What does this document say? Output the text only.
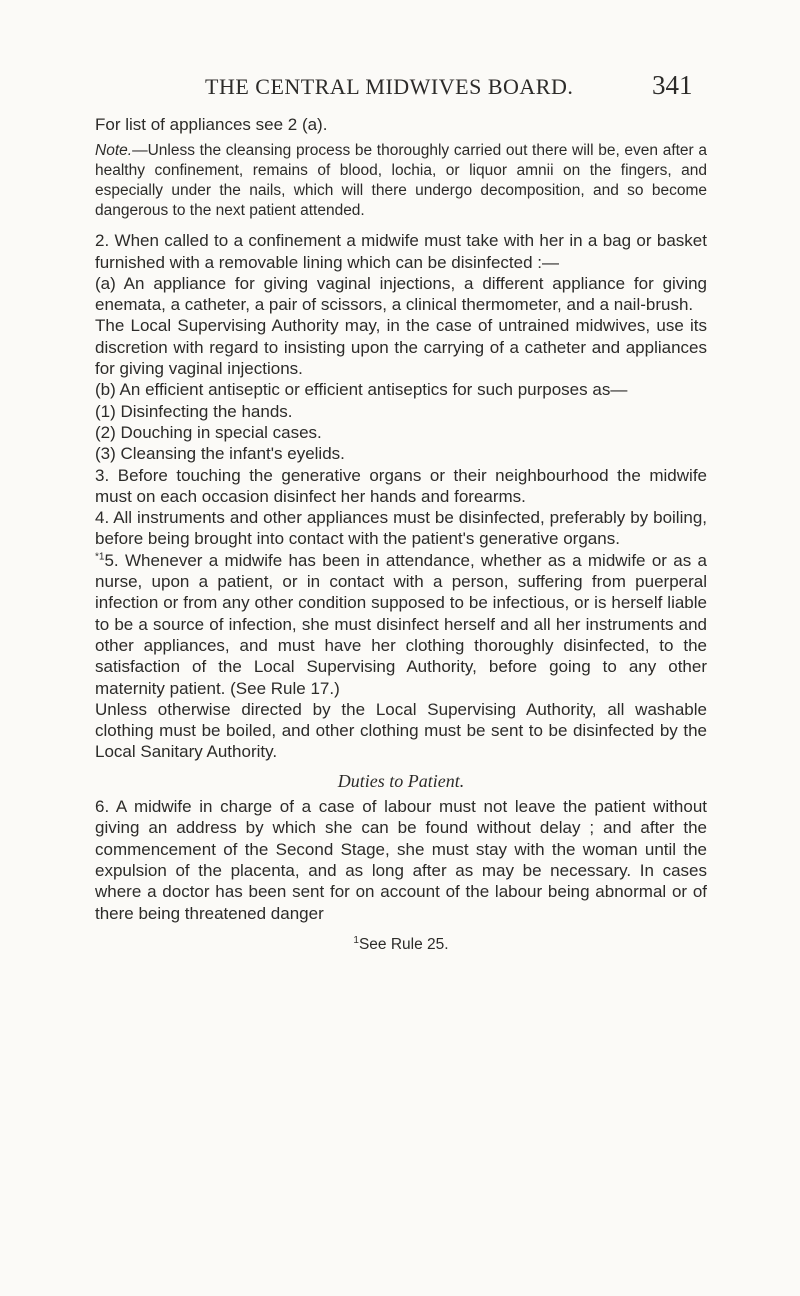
THE CENTRAL MIDWIVES BOARD.	341

For list of appliances see 2 (a).

Note.—Unless the cleansing process be thoroughly carried out there will be, even after a healthy confinement, remains of blood, lochia, or liquor amnii on the fingers, and especially under the nails, which will there undergo decomposition, and so become dangerous to the next patient attended.

2. When called to a confinement a midwife must take with her in a bag or basket furnished with a removable lining which can be disinfected :—

(a) An appliance for giving vaginal injections, a different appliance for giving enemata, a catheter, a pair of scissors, a clinical thermometer, and a nail-brush.

The Local Supervising Authority may, in the case of untrained midwives, use its discretion with regard to insisting upon the carrying of a catheter and appliances for giving vaginal injections.

(b) An efficient antiseptic or efficient antiseptics for such purposes as—

(1) Disinfecting the hands.

(2) Douching in special cases.

(3) Cleansing the infant's eyelids.

3. Before touching the generative organs or their neighbourhood the midwife must on each occasion disinfect her hands and forearms.

4. All instruments and other appliances must be disinfected, preferably by boiling, before being brought into contact with the patient's generative organs.

$^{*1}$5. Whenever a midwife has been in attendance, whether as a midwife or as a nurse, upon a patient, or in contact with a person, suffering from puerperal infection or from any other condition supposed to be infectious, or is herself liable to be a source of infection, she must disinfect herself and all her instruments and other appliances, and must have her clothing thoroughly disinfected, to the satisfaction of the Local Supervising Authority, before going to any other maternity patient. (See Rule 17.)

Unless otherwise directed by the Local Supervising Authority, all washable clothing must be boiled, and other clothing must be sent to be disinfected by the Local Sanitary Authority.

Duties to Patient.

6. A midwife in charge of a case of labour must not leave the patient without giving an address by which she can be found without delay ; and after the commencement of the Second Stage, she must stay with the woman until the expulsion of the placenta, and as long after as may be necessary. In cases where a doctor has been sent for on account of the labour being abnormal or of there being threatened danger

$^1$See Rule 25.
